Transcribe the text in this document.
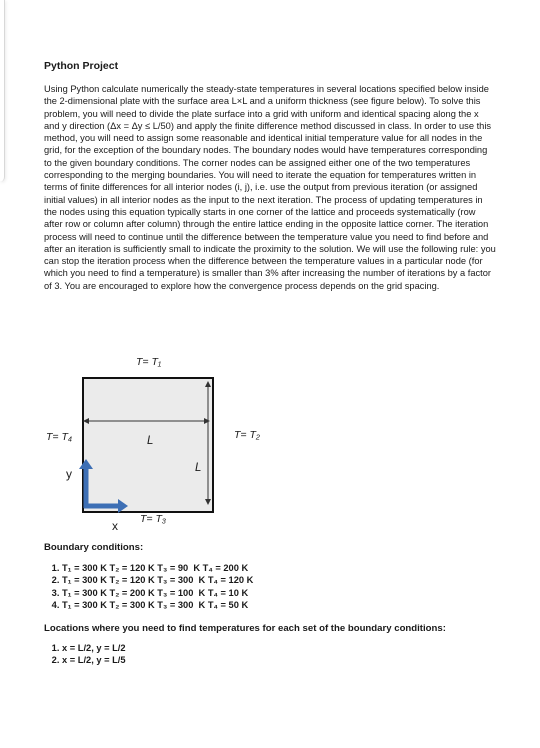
Python Project

Using Python calculate numerically the steady-state temperatures in several locations specified below inside the 2-dimensional plate with the surface area L×L and a uniform thickness (see figure below). To solve this problem, you will need to divide the plate surface into a grid with uniform and identical spacing along the x and y direction (Δx = Δy ≤ L/50) and apply the finite difference method discussed in class. In order to use this method, you will need to assign some reasonable and identical initial temperature value for all nodes in the grid, for the exception of the boundary nodes. The boundary nodes would have temperatures corresponding to the given boundary conditions. The corner nodes can be assigned either one of the two temperatures corresponding to the merging boundaries. You will need to iterate the equation for temperatures written in terms of finite differences for all interior nodes (i, j), i.e. use the output from previous iteration (or assigned initial values) in all interior nodes as the input to the next iteration. The process of updating temperatures in the nodes using this equation typically starts in one corner of the lattice and proceeds systematically (row after row or column after column) through the entire lattice ending in the opposite lattice corner. The iteration process will need to continue until the difference between the temperature value you need to find before and after an iteration is sufficiently small to indicate the proximity to the solution. We will use the following rule: you can stop the iteration process when the difference between the temperature values in a particular node (for which you need to find a temperature) is smaller than 3% after increasing the number of iterations by a factor of 3. You are encouraged to explore how the convergence process depends on the grid spacing.

T= T₁
T= T₄	T= T₂
T= T₃
L
L
y
x
Boundary conditions:
1. T₁ = 300 K T₂ = 120 K T₃ = 90  K T₄ = 200 K
2. T₁ = 300 K T₂ = 120 K T₃ = 300  K T₄ = 120 K
3. T₁ = 300 K T₂ = 200 K T₃ = 100  K T₄ = 10 K
4. T₁ = 300 K T₂ = 300 K T₃ = 300  K T₄ = 50 K
Locations where you need to find temperatures for each set of the boundary conditions:
1. x = L/2, y = L/2
2. x = L/2, y = L/5
